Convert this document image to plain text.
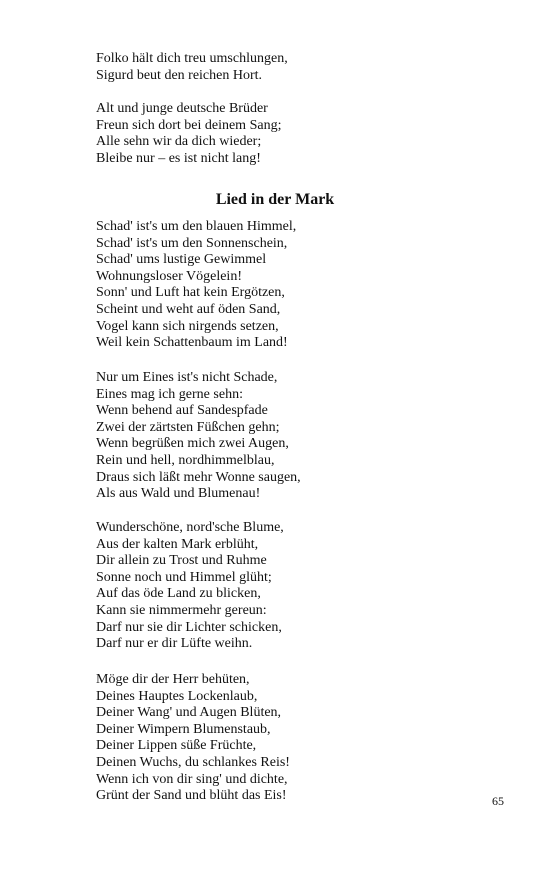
Folko hält dich treu umschlungen,
Sigurd beut den reichen Hort.
Alt und junge deutsche Brüder
Freun sich dort bei deinem Sang;
Alle sehn wir da dich wieder;
Bleibe nur – es ist nicht lang!
Lied in der Mark
Schad' ist's um den blauen Himmel,
Schad' ist's um den Sonnenschein,
Schad' ums lustige Gewimmel
Wohnungsloser Vögelein!
Sonn' und Luft hat kein Ergötzen,
Scheint und weht auf öden Sand,
Vogel kann sich nirgends setzen,
Weil kein Schattenbaum im Land!
Nur um Eines ist's nicht Schade,
Eines mag ich gerne sehn:
Wenn behend auf Sandespfade
Zwei der zärtsten Füßchen gehn;
Wenn begrüßen mich zwei Augen,
Rein und hell, nordhimmelblau,
Draus sich läßt mehr Wonne saugen,
Als aus Wald und Blumenau!
Wunderschöne, nord'sche Blume,
Aus der kalten Mark erblüht,
Dir allein zu Trost und Ruhme
Sonne noch und Himmel glüht;
Auf das öde Land zu blicken,
Kann sie nimmermehr gereun:
Darf nur sie dir Lichter schicken,
Darf nur er dir Lüfte weihn.
Möge dir der Herr behüten,
Deines Hauptes Lockenlaub,
Deiner Wang' und Augen Blüten,
Deiner Wimpern Blumenstaub,
Deiner Lippen süße Früchte,
Deinen Wuchs, du schlankes Reis!
Wenn ich von dir sing' und dichte,
Grünt der Sand und blüht das Eis!	65
